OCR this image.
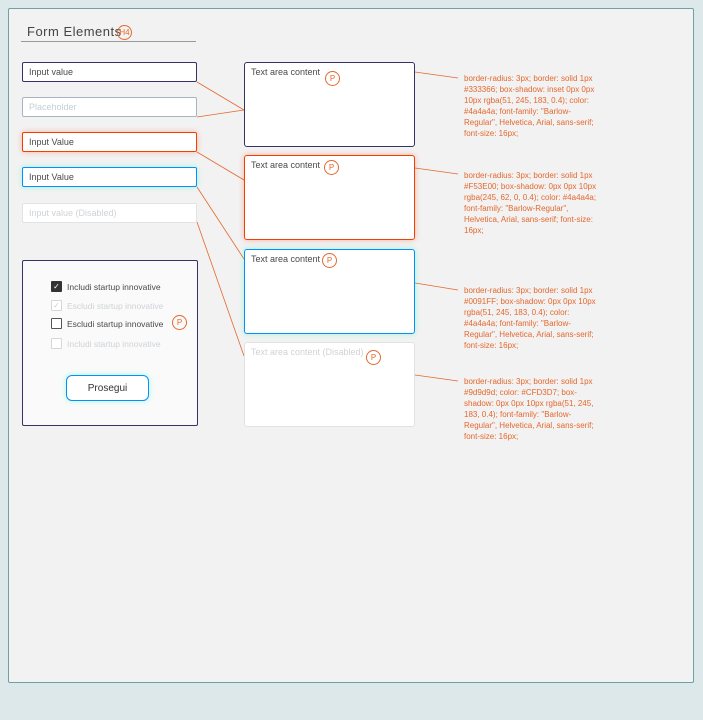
Form Elements
H4
Input value
Placeholder
Input Value
Input Value
Input value (Disabled)
Text area content
P
Text area content	P
Text area content P
Text area content (Disabled) P
border-radius: 3px; border: solid 1px #333366; box-shadow: inset 0px 0px 10px rgba(51, 245, 183, 0.4); color: #4a4a4a; font-family: "Barlow-Regular", Helvetica, Arial, sans-serif; font-size: 16px;
border-radius: 3px; border: solid 1px #F53E00; box-shadow: 0px 0px 10px rgba(245, 62, 0, 0.4); color: #4a4a4a; font-family: "Barlow-Regular", Helvetica, Arial, sans-serif; font-size: 16px;
border-radius: 3px; border: solid 1px #0091FF; box-shadow: 0px 0px 10px rgba(51, 245, 183, 0.4); color: #4a4a4a; font-family: "Barlow-Regular", Helvetica, Arial, sans-serif; font-size: 16px;
border-radius: 3px; border: solid 1px #9d9d9d; color: #CFD3D7; box-shadow: 0px 0px 10px rgba(51, 245, 183, 0.4); font-family: "Barlow-Regular", Helvetica, Arial, sans-serif; font-size: 16px;
✓ Includi startup innovative
✓ Escludi startup innovative
Escludi startup innovative	P
Includi startup innovative
Prosegui
